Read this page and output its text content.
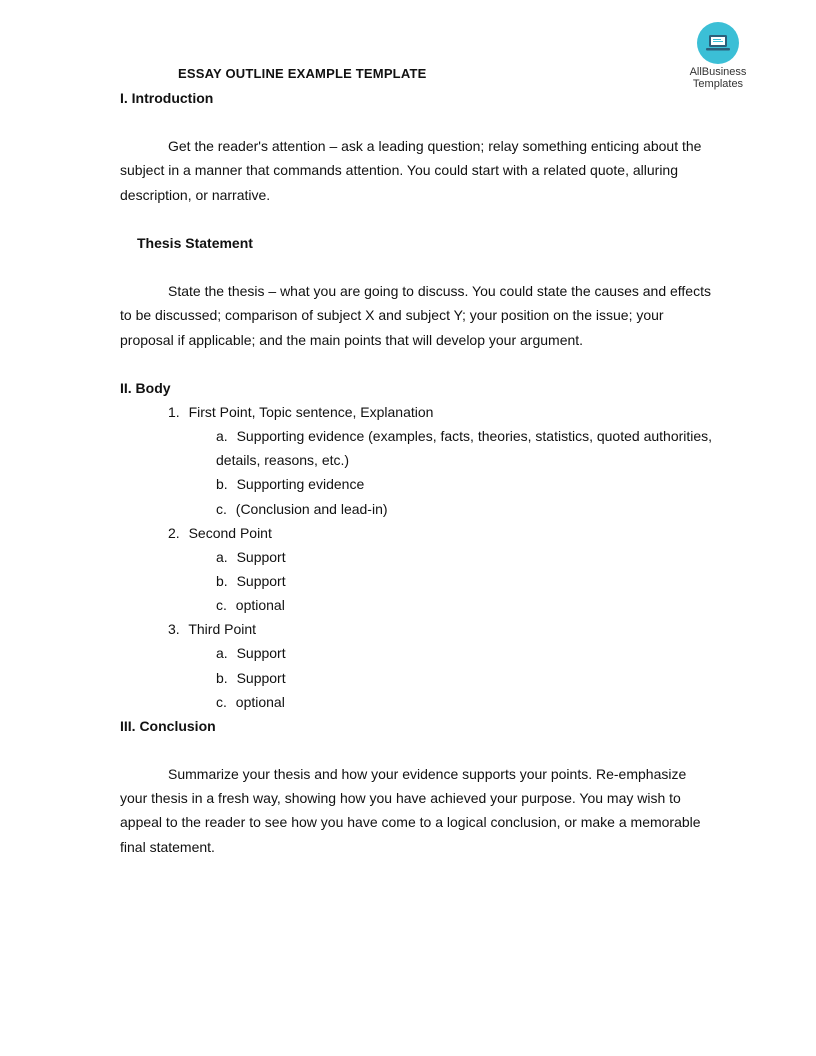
AllBusiness
Templates
ESSAY OUTLINE EXAMPLE TEMPLATE
I. Introduction
Get the reader's attention – ask a leading question; relay something enticing about the
subject in a manner that commands attention. You could start with a related quote, alluring
description, or narrative.
Thesis Statement
State the thesis – what you are going to discuss. You could state the causes and effects
to be discussed; comparison of subject X and subject Y; your position on the issue; your
proposal if applicable; and the main points that will develop your argument.
II. Body
1. First Point, Topic sentence, Explanation
a. Supporting evidence (examples, facts, theories, statistics, quoted authorities,
details, reasons, etc.)
b. Supporting evidence
c. (Conclusion and lead-in)
2. Second Point
a. Support
b. Support
c. optional
3. Third Point
a. Support
b. Support
c. optional
III. Conclusion
Summarize your thesis and how your evidence supports your points. Re-emphasize
your thesis in a fresh way, showing how you have achieved your purpose. You may wish to
appeal to the reader to see how you have come to a logical conclusion, or make a memorable
final statement.
